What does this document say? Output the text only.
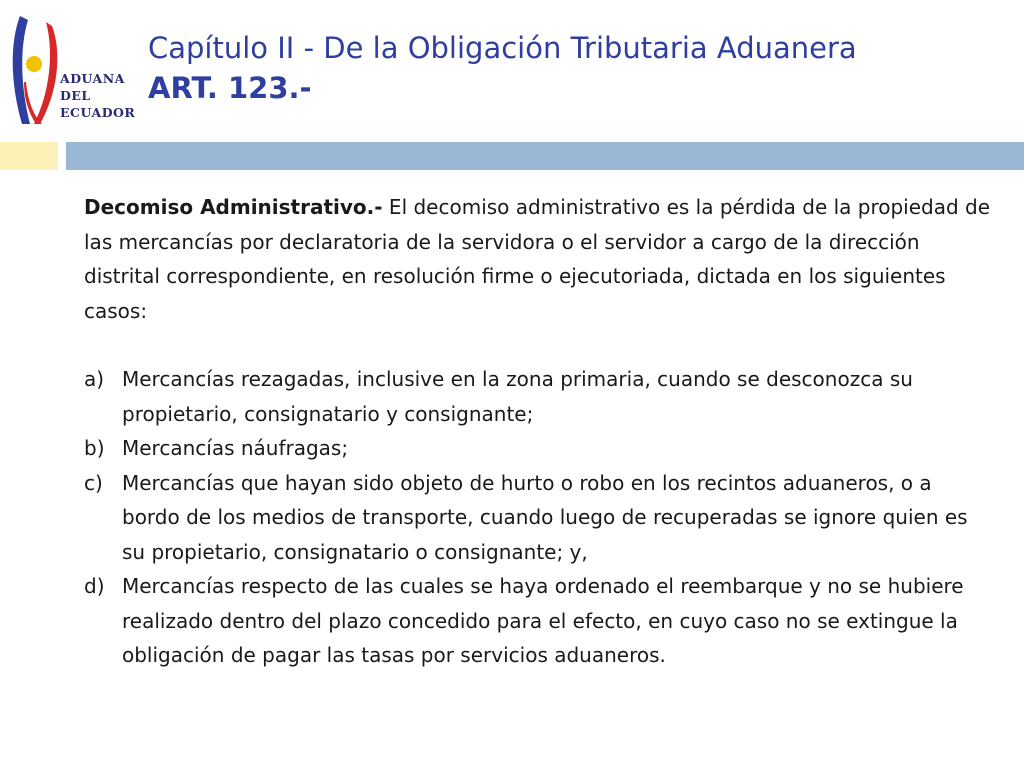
ADUANA
DEL
ECUADOR
Capítulo II - De la Obligación Tributaria Aduanera
ART. 123.-

Decomiso Administrativo.- El decomiso administrativo es la pérdida de la propiedad de las mercancías por declaratoria de la servidora o el servidor a cargo de la dirección distrital correspondiente, en resolución firme o ejecutoriada, dictada en los siguientes casos:

a) Mercancías rezagadas, inclusive en la zona primaria, cuando se desconozca su propietario, consignatario y consignante;
b) Mercancías náufragas;
c) Mercancías que hayan sido objeto de hurto o robo en los recintos aduaneros, o a bordo de los medios de transporte, cuando luego de recuperadas se ignore quien es su propietario, consignatario o consignante; y,
d) Mercancías respecto de las cuales se haya ordenado el reembarque y no se hubiere realizado dentro del plazo concedido para el efecto, en cuyo caso no se extingue la obligación de pagar las tasas por servicios aduaneros.
